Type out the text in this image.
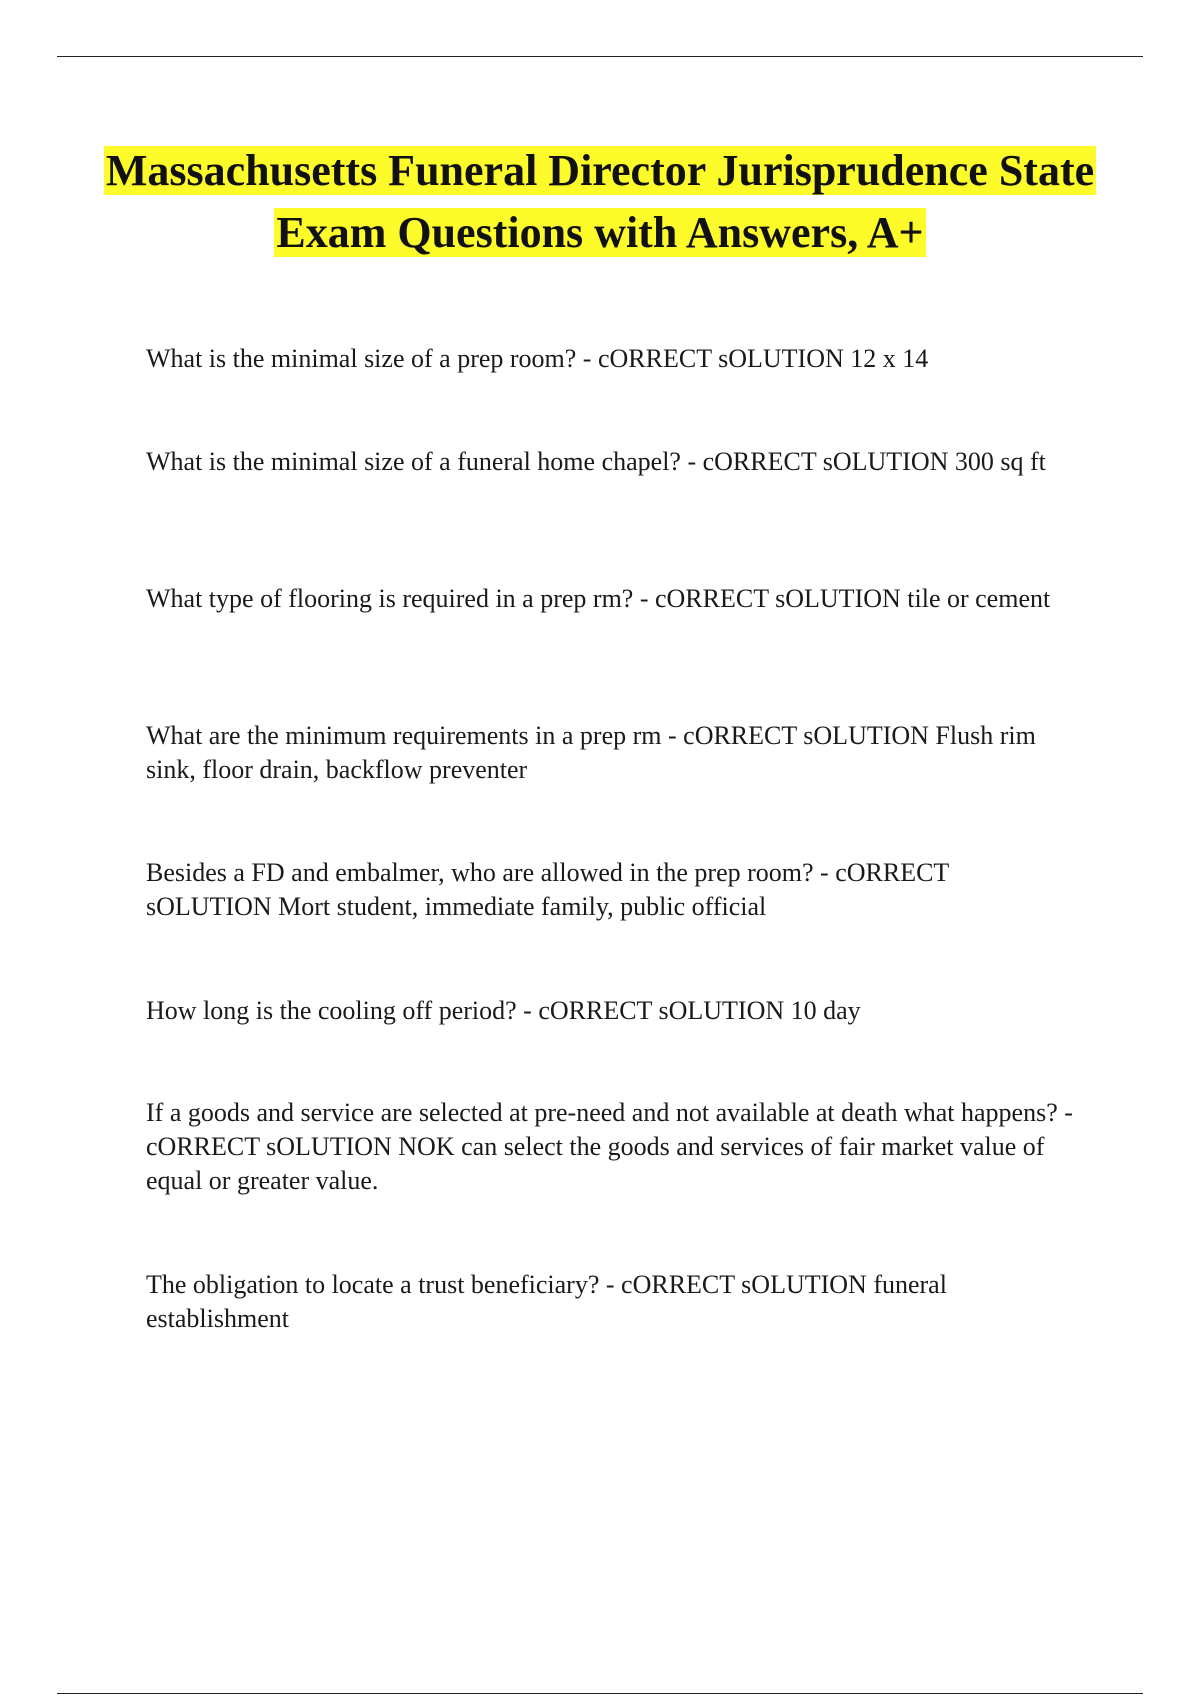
Massachusetts Funeral Director Jurisprudence State Exam Questions with Answers, A+
What is the minimal size of a prep room? - cORRECT sOLUTION 12 x 14
What is the minimal size of a funeral home chapel? - cORRECT sOLUTION 300 sq ft
What type of flooring is required in a prep rm? - cORRECT sOLUTION tile or cement
What are the minimum requirements in a prep rm - cORRECT sOLUTION Flush rim sink, floor drain, backflow preventer
Besides a FD and embalmer, who are allowed in the prep room? - cORRECT sOLUTION Mort student, immediate family, public official
How long is the cooling off period? - cORRECT sOLUTION 10 day
If a goods and service are selected at pre-need and not available at death what happens? - cORRECT sOLUTION NOK can select the goods and services of fair market value of equal or greater value.
The obligation to locate a trust beneficiary? - cORRECT sOLUTION funeral establishment
